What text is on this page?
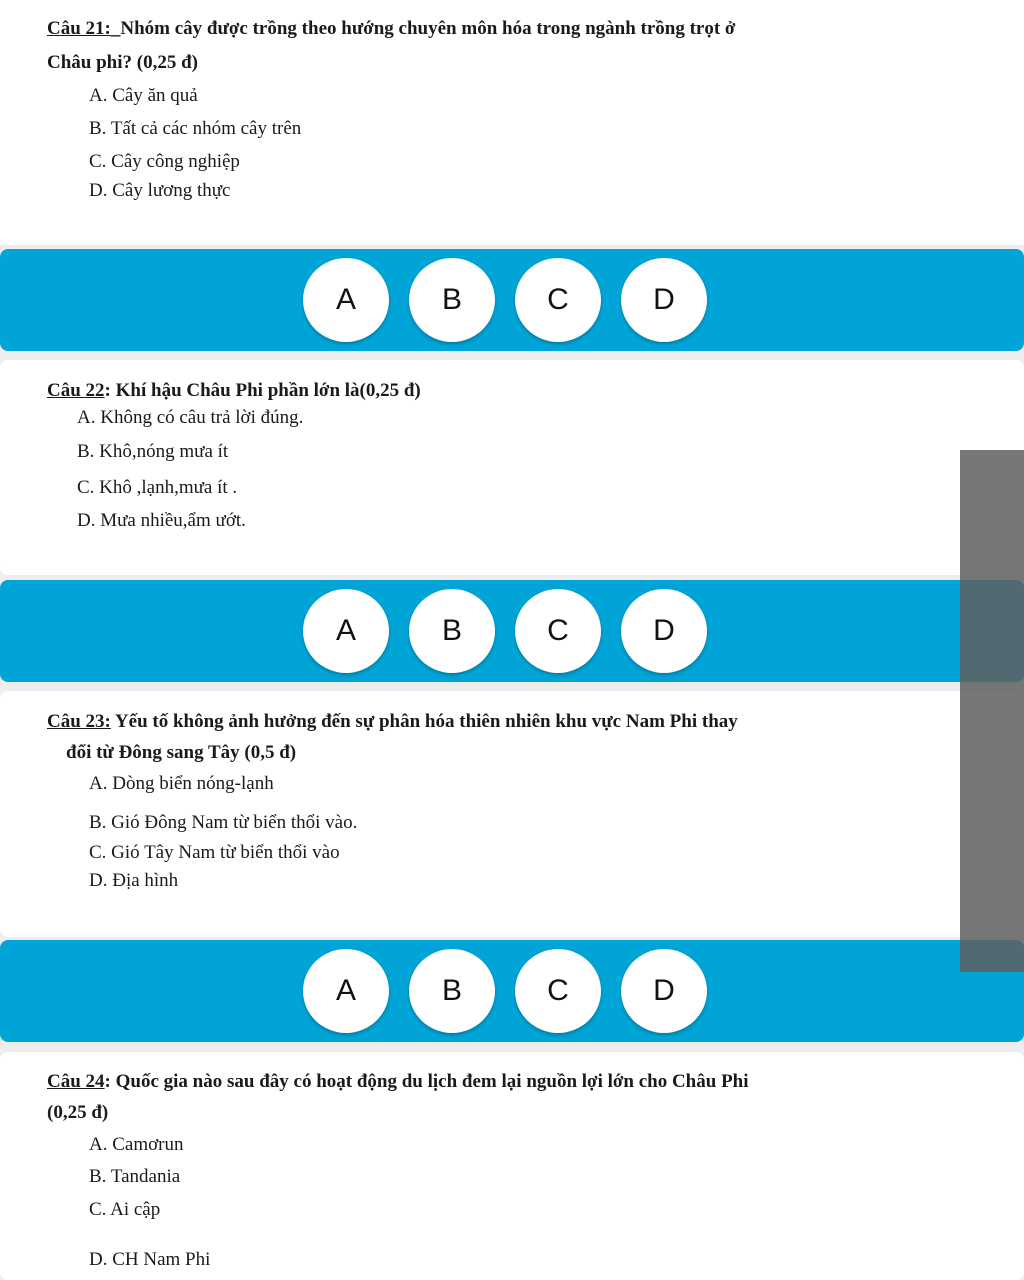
Câu 21:_Nhóm cây được trồng theo hướng chuyên môn hóa trong ngành trồng trọt ở
Châu phi? (0,25 đ)
A. Cây ăn quả
B. Tất cả các nhóm cây trên
C. Cây công nghiệp
D. Cây lương thực
A	B	C	D
Câu 22: Khí hậu Châu Phi phần lớn là(0,25 đ)
A. Không có câu trả lời đúng.
B. Khô,nóng mưa ít
C. Khô ,lạnh,mưa ít .
D. Mưa nhiều,ẩm ướt.
A	B	C	D
Câu 23: Yếu tố không ảnh hưởng đến sự phân hóa thiên nhiên khu vực Nam Phi thay
đổi từ Đông sang Tây (0,5 đ)
A. Dòng biển nóng-lạnh
B. Gió Đông Nam từ biển thổi vào.
C. Gió Tây Nam từ biển thổi vào
D. Địa hình
A	B	C	D
Câu 24: Quốc gia nào sau đây có hoạt động du lịch đem lại nguồn lợi lớn cho Châu Phi
(0,25 đ)
A. Camơrun
B. Tandania
C. Ai cập
D. CH Nam Phi
